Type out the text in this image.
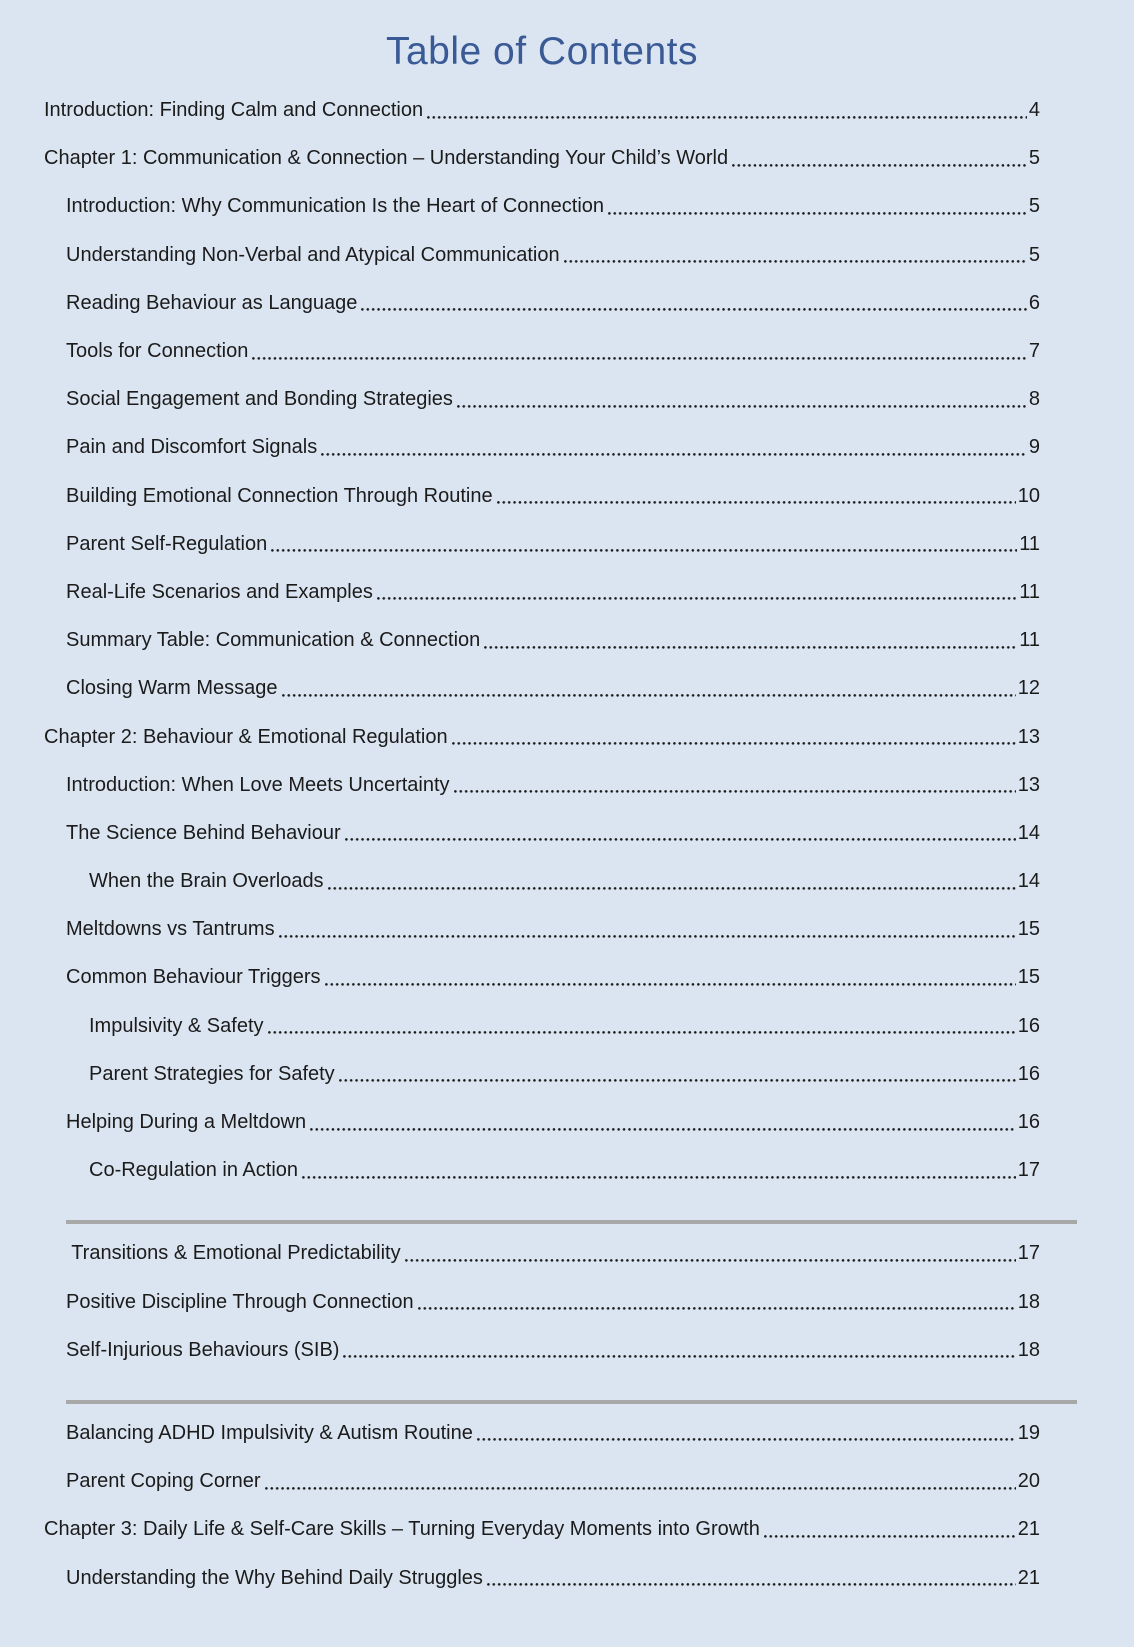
Table of Contents
Introduction: Finding Calm and Connection	4
Chapter 1: Communication & Connection – Understanding Your Child’s World	5
Introduction: Why Communication Is the Heart of Connection	5
Understanding Non-Verbal and Atypical Communication	5
Reading Behaviour as Language	6
Tools for Connection	7
Social Engagement and Bonding Strategies	8
Pain and Discomfort Signals	9
Building Emotional Connection Through Routine	10
Parent Self-Regulation	11
Real-Life Scenarios and Examples	11
Summary Table: Communication & Connection	11
Closing Warm Message	12
Chapter 2: Behaviour & Emotional Regulation	13
Introduction: When Love Meets Uncertainty	13
The Science Behind Behaviour	14
When the Brain Overloads	14
Meltdowns vs Tantrums	15
Common Behaviour Triggers	15
Impulsivity & Safety	16
Parent Strategies for Safety	16
Helping During a Meltdown	16
Co-Regulation in Action	17
Transitions & Emotional Predictability	17
Positive Discipline Through Connection	18
Self-Injurious Behaviours (SIB)	18
Balancing ADHD Impulsivity & Autism Routine	19
Parent Coping Corner	20
Chapter 3: Daily Life & Self-Care Skills – Turning Everyday Moments into Growth	21
Understanding the Why Behind Daily Struggles	21
